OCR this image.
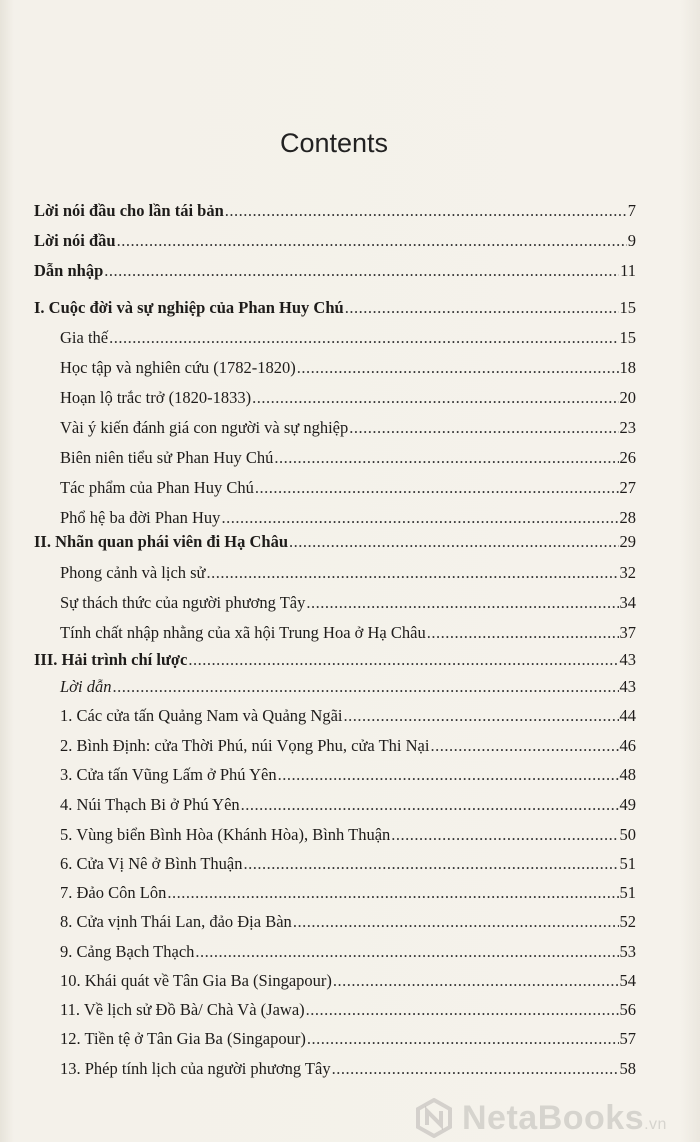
Contents
Lời nói đầu cho lần tái bản .....	7
Lời nói đầu .....	9
Dẫn nhập .....	11
I. Cuộc đời và sự nghiệp của Phan Huy Chú .....	15
Gia thế .....	15
Học tập và nghiên cứu (1782-1820) .....	18
Hoạn lộ trắc trở (1820-1833) .....	20
Vài ý kiến đánh giá con người và sự nghiệp .....	23
Biên niên tiểu sử Phan Huy Chú .....	26
Tác phẩm của Phan Huy Chú .....	27
Phổ hệ ba đời Phan Huy .....	28
II. Nhãn quan phái viên đi Hạ Châu .....	29
Phong cảnh và lịch sử .....	32
Sự thách thức của người phương Tây .....	34
Tính chất nhập nhằng của xã hội Trung Hoa ở Hạ Châu .....	37
III. Hải trình chí lược .....	43
Lời dẫn .....	43
1. Các cửa tấn Quảng Nam và Quảng Ngãi .....	44
2. Bình Định: cửa Thời Phú, núi Vọng Phu, cửa Thi Nại .....	46
3. Cửa tấn Vũng Lấm ở Phú Yên .....	48
4. Núi Thạch Bi ở Phú Yên .....	49
5. Vùng biển Bình Hòa (Khánh Hòa), Bình Thuận .....	50
6. Cửa Vị Nê ở Bình Thuận .....	51
7. Đảo Côn Lôn .....	51
8. Cửa vịnh Thái Lan, đảo Địa Bàn .....	52
9. Cảng Bạch Thạch .....	53
10. Khái quát về Tân Gia Ba (Singapour) .....	54
11. Về lịch sử Đồ Bà/ Chà Và (Jawa) .....	56
12. Tiền tệ ở Tân Gia Ba (Singapour) .....	57
13. Phép tính lịch của người phương Tây .....	58
NetaBooks.vn
